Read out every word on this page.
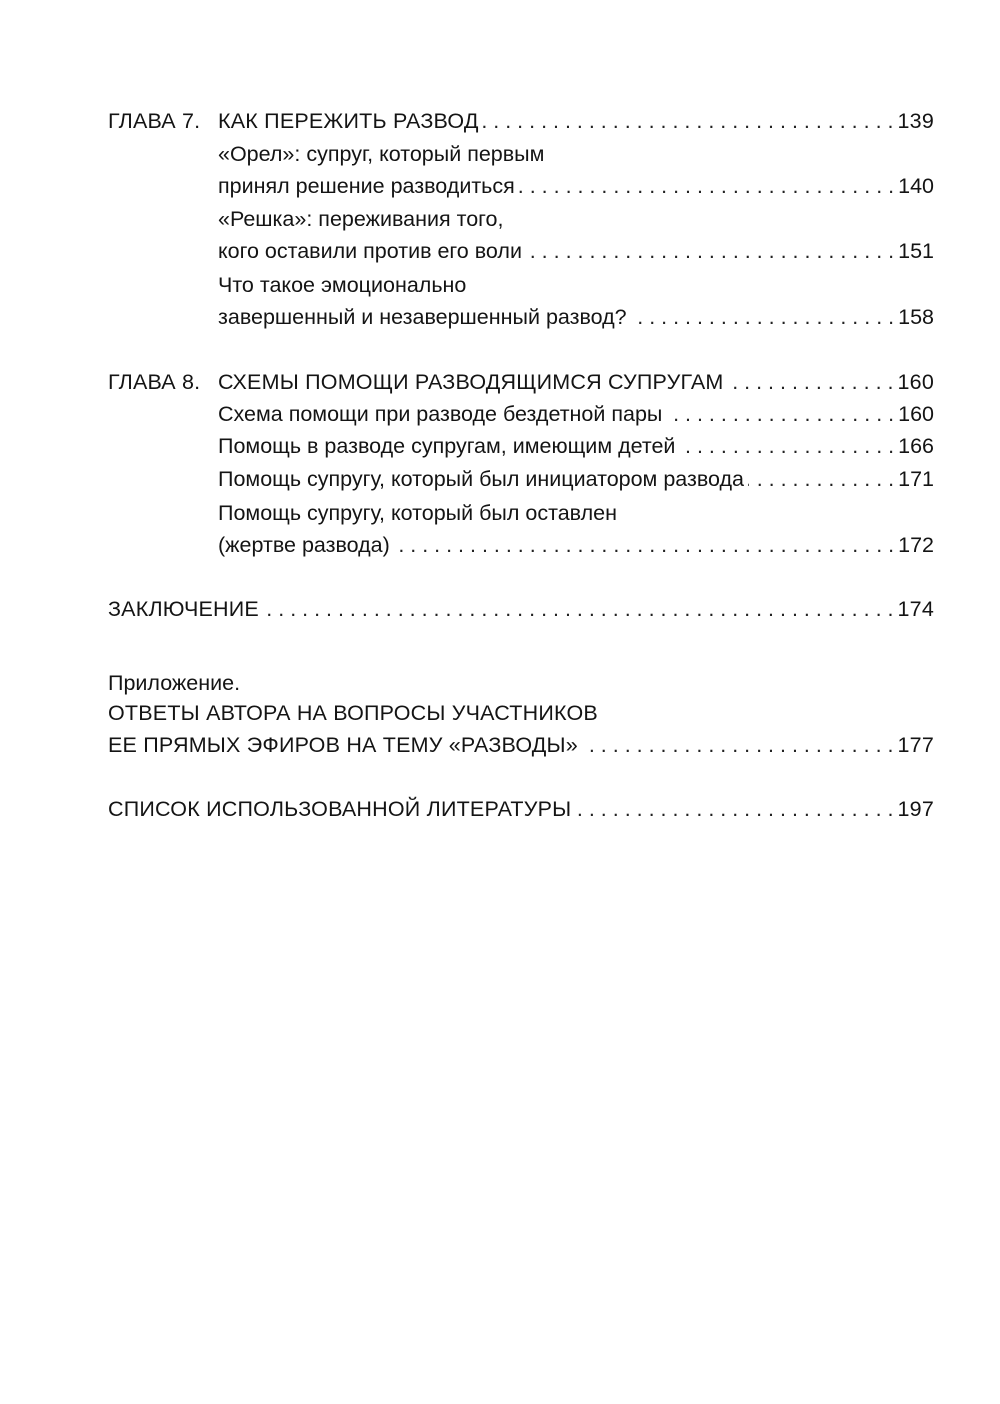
ГЛАВА 7. КАК ПЕРЕЖИТЬ РАЗВОД . . .	139
«Орел»: супруг, который первым
принял решение разводиться . . .	140
«Решка»: переживания того,
кого оставили против его воли . . .	151
Что такое эмоционально
завершенный и незавершенный развод? . . .	158
ГЛАВА 8. СХЕМЫ ПОМОЩИ РАЗВОДЯЩИМСЯ СУПРУГАМ . . .	160
Схема помощи при разводе бездетной пары . . .	160
Помощь в разводе супругам, имеющим детей . . .	166
Помощь супругу, который был инициатором развода . . .	171
Помощь супругу, который был оставлен
(жертве развода) . . .	172
ЗАКЛЮЧЕНИЕ . . .	174
Приложение.
ОТВЕТЫ АВТОРА НА ВОПРОСЫ УЧАСТНИКОВ
ЕЕ ПРЯМЫХ ЭФИРОВ НА ТЕМУ «РАЗВОДЫ» . . .	177
СПИСОК ИСПОЛЬЗОВАННОЙ ЛИТЕРАТУРЫ . . .	197
